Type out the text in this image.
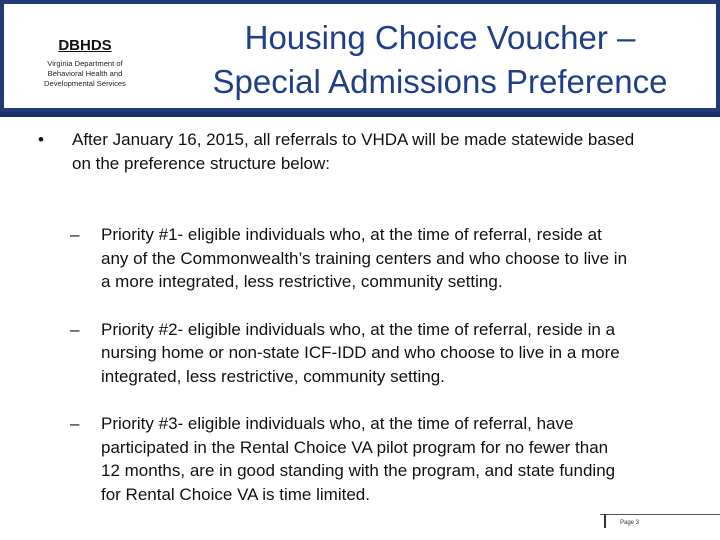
DBHDS
Virginia Department of
Behavioral Health and
Developmental Services
Housing Choice Voucher –
Special Admissions Preference
•	After January 16, 2015, all referrals to VHDA will be made statewide based
on the preference structure below:
–	Priority #1- eligible individuals who, at the time of referral, reside at
any of the Commonwealth’s training centers and who choose to live in
a more integrated, less restrictive, community setting.
–	Priority #2- eligible individuals who, at the time of referral, reside in a
nursing home or non-state ICF-IDD and who choose to live in a more
integrated, less restrictive, community setting.
–	Priority #3- eligible individuals who, at the time of referral, have
participated in the Rental Choice VA pilot program for no fewer than
12 months, are in good standing with the program, and state funding
for Rental Choice VA is time limited.
Page 3
